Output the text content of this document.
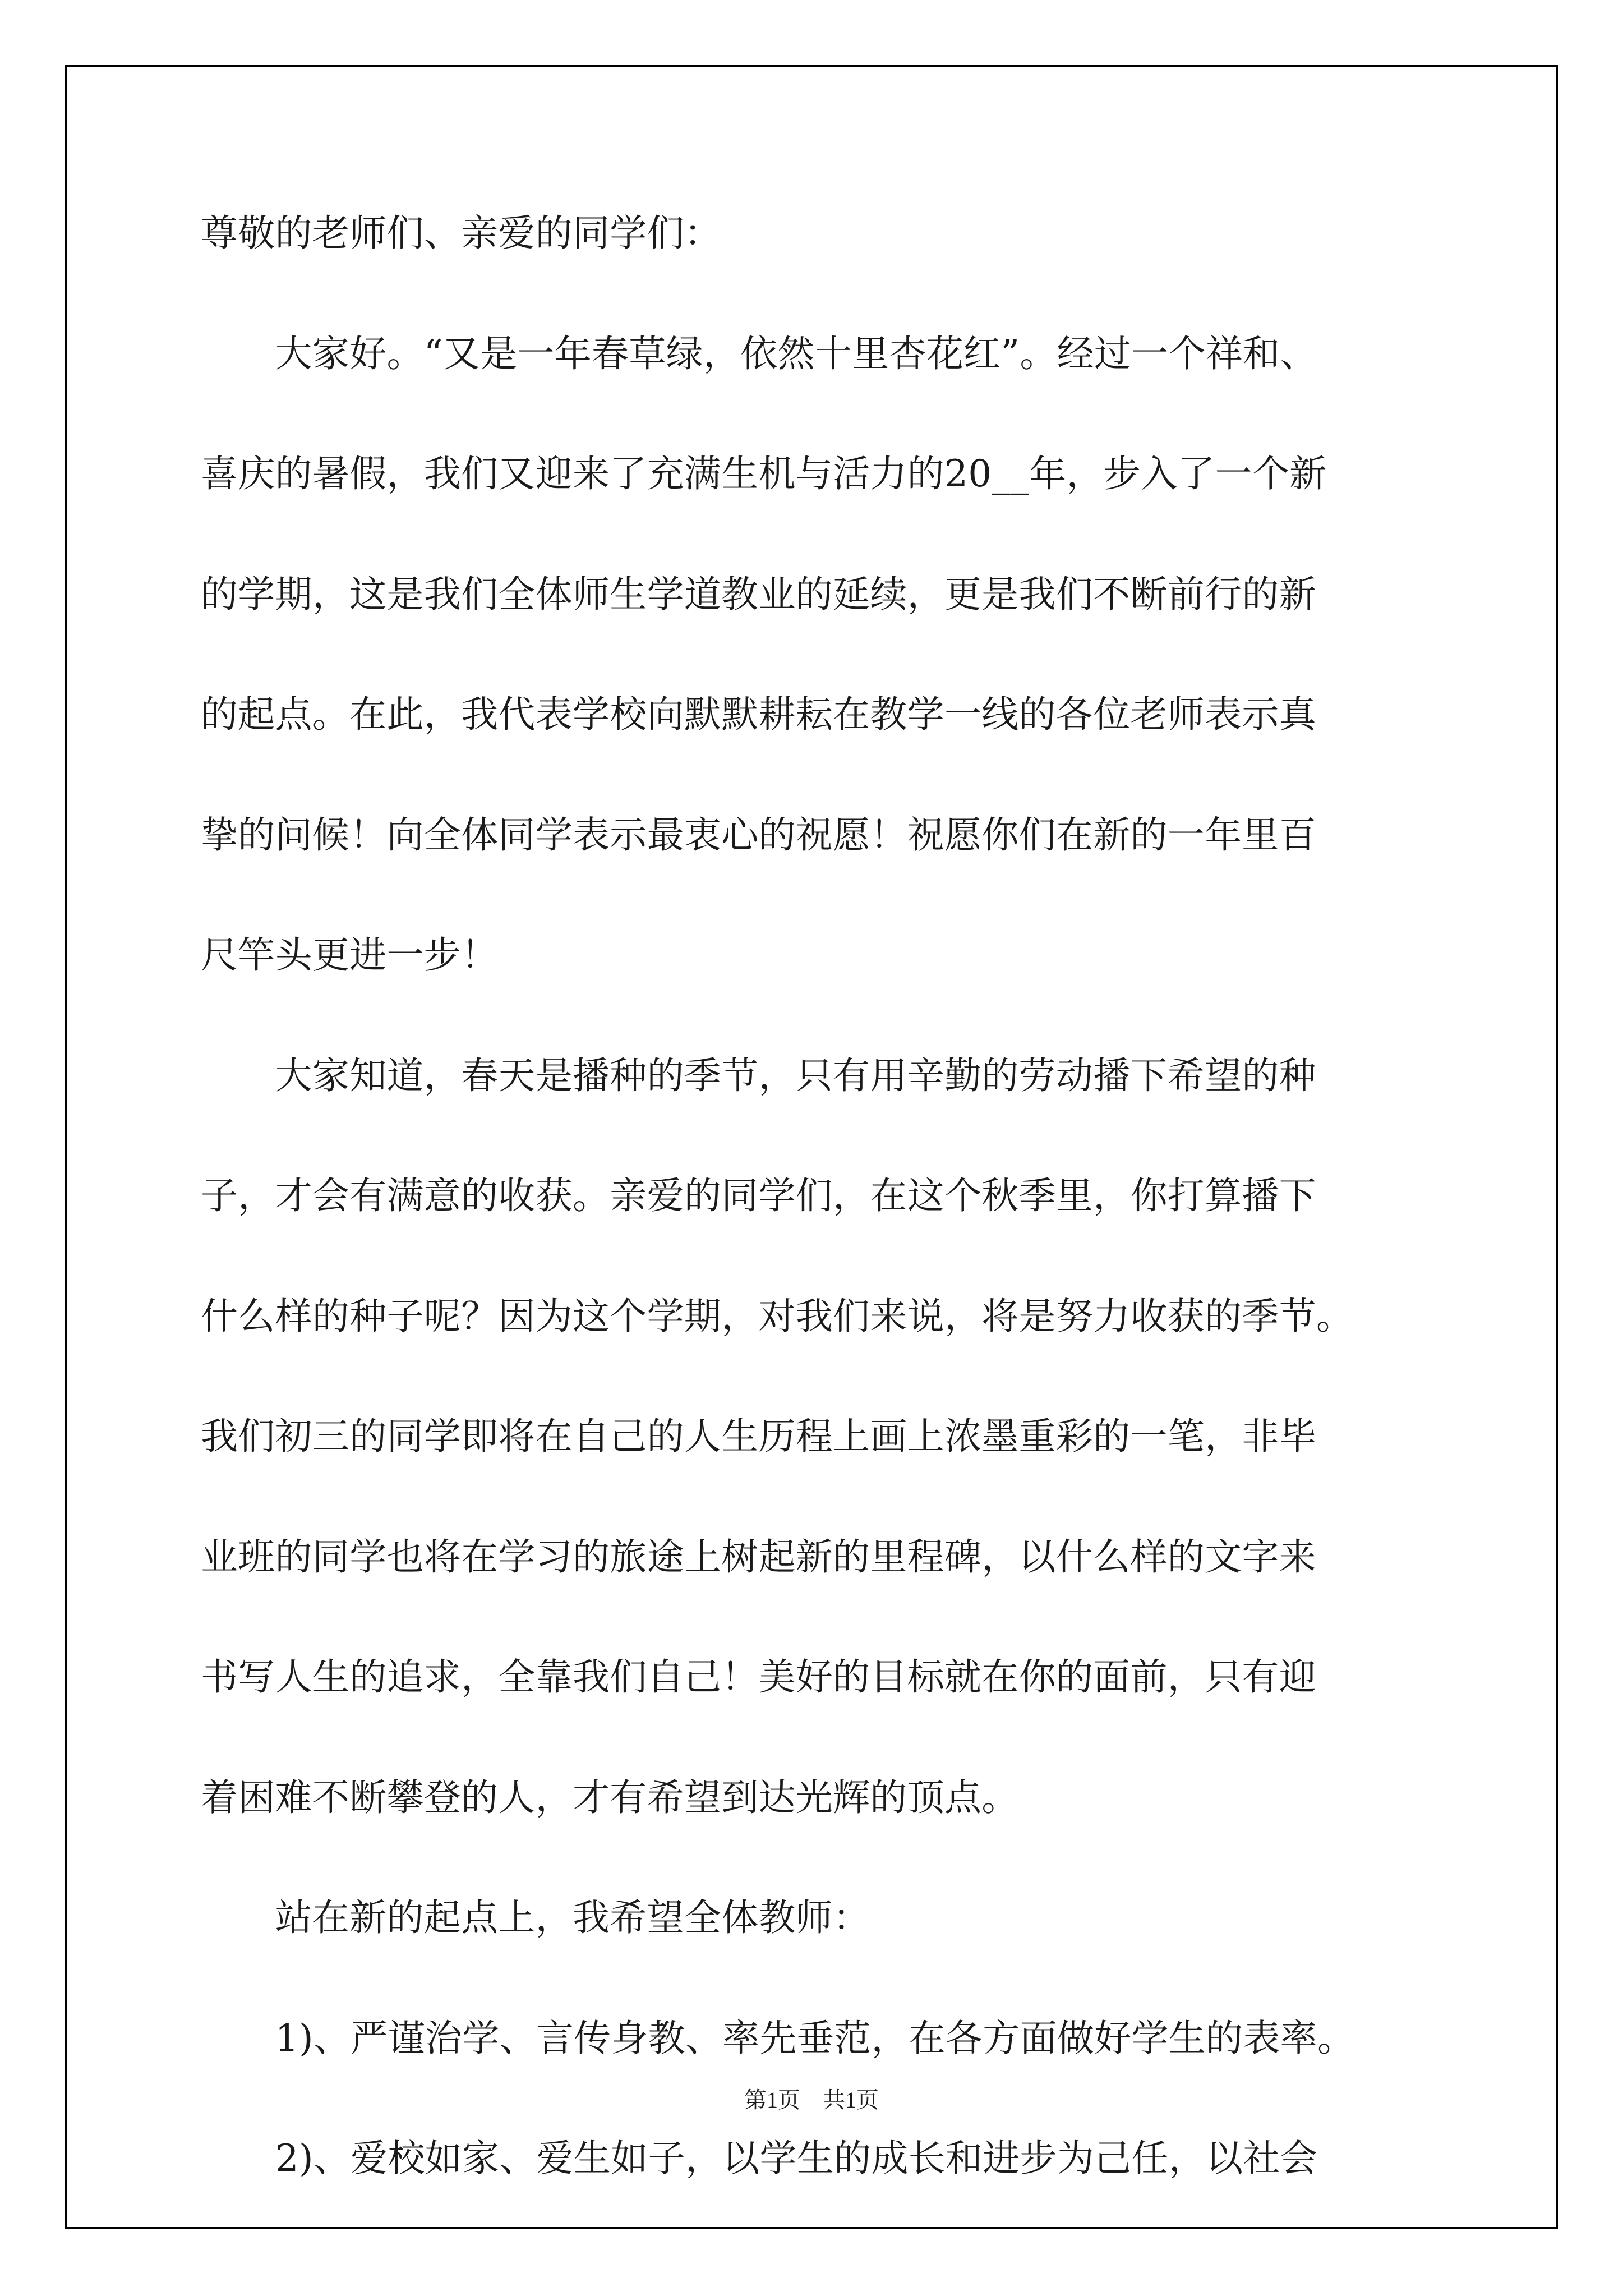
尊敬的老师们、亲爱的同学们：
　　大家好。“又是一年春草绿，依然十里杏花红”。经过一个祥和、
喜庆的暑假，我们又迎来了充满生机与活力的20__年，步入了一个新
的学期，这是我们全体师生学道教业的延续，更是我们不断前行的新
的起点。在此，我代表学校向默默耕耘在教学一线的各位老师表示真
挚的问候！向全体同学表示最衷心的祝愿！祝愿你们在新的一年里百
尺竿头更进一步！
　　大家知道，春天是播种的季节，只有用辛勤的劳动播下希望的种
子，才会有满意的收获。亲爱的同学们，在这个秋季里，你打算播下
什么样的种子呢？因为这个学期，对我们来说，将是努力收获的季节。
我们初三的同学即将在自己的人生历程上画上浓墨重彩的一笔，非毕
业班的同学也将在学习的旅途上树起新的里程碑，以什么样的文字来
书写人生的追求，全靠我们自己！美好的目标就在你的面前，只有迎
着困难不断攀登的人，才有希望到达光辉的顶点。
　　站在新的起点上，我希望全体教师：
　　1)、严谨治学、言传身教、率先垂范，在各方面做好学生的表率。
　　2)、爱校如家、爱生如子，以学生的成长和进步为己任，以社会
第1页　共1页
